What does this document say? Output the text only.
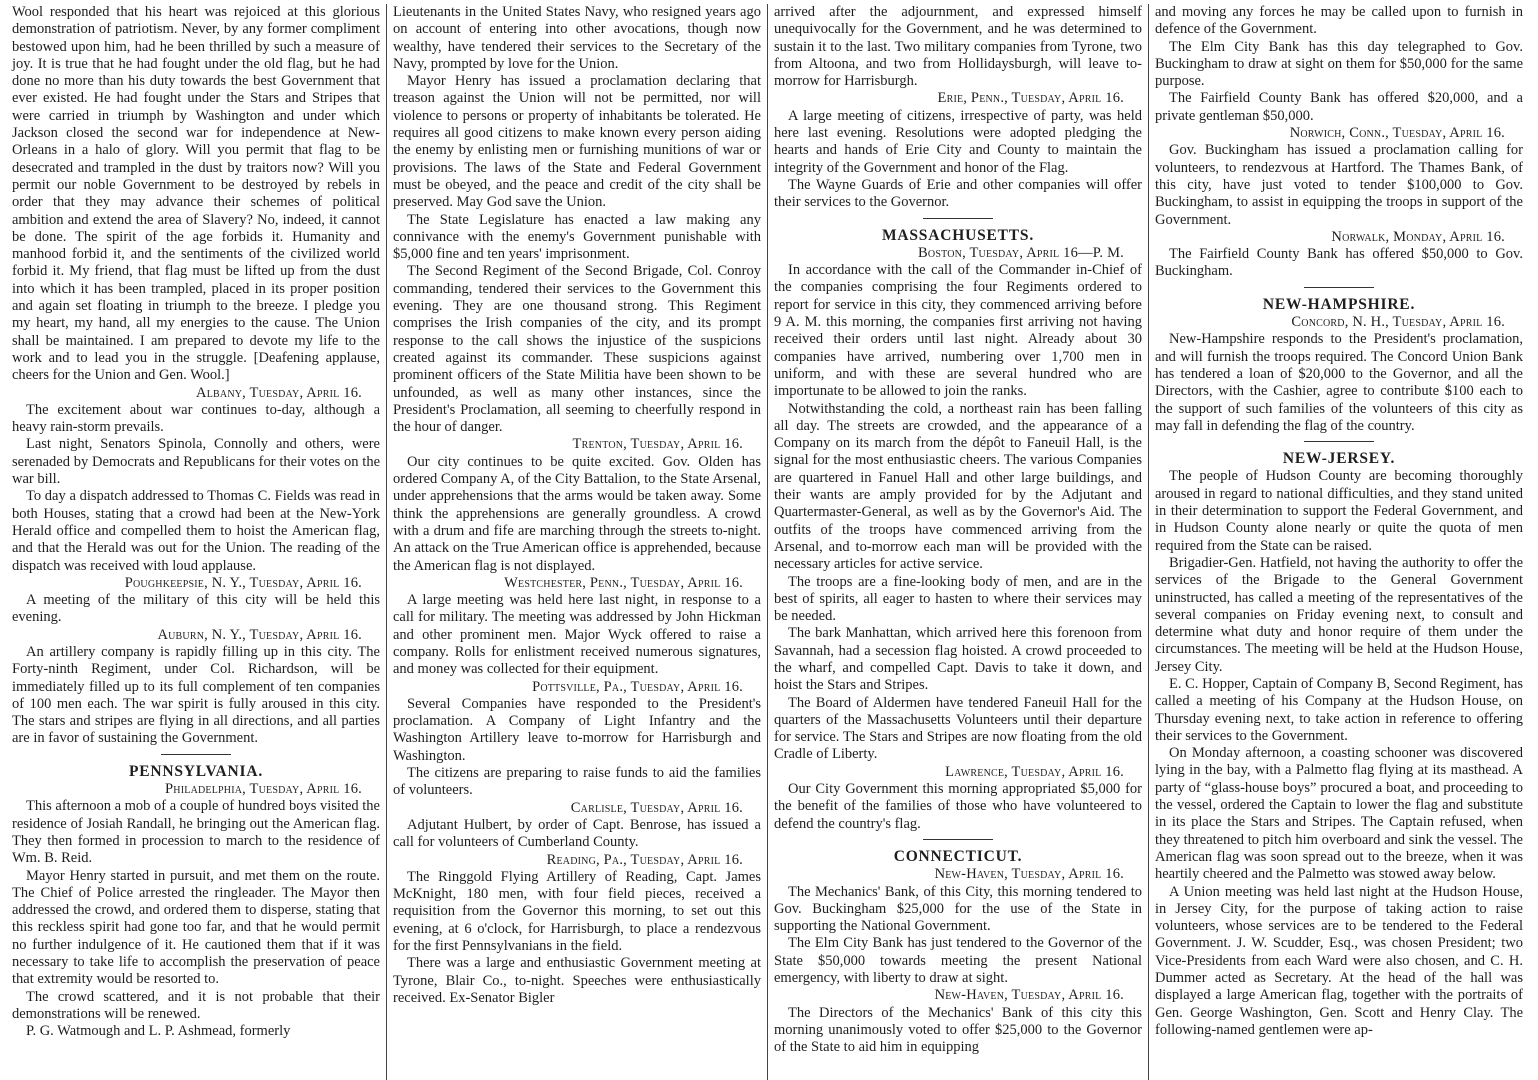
Wool responded that his heart was rejoiced at this glorious demonstration of patriotism. Never, by any former compliment bestowed upon him, had he been thrilled by such a measure of joy. It is true that he had fought under the old flag, but he had done no more than his duty towards the best Government that ever existed. He had fought under the Stars and Stripes that were carried in triumph by Washington and under which Jackson closed the second war for independence at New-Orleans in a halo of glory. Will you permit that flag to be desecrated and trampled in the dust by traitors now? Will you permit our noble Government to be destroyed by rebels in order that they may advance their schemes of political ambition and extend the area of Slavery? No, indeed, it cannot be done. The spirit of the age forbids it. Humanity and manhood forbid it, and the sentiments of the civilized world forbid it. My friend, that flag must be lifted up from the dust into which it has been trampled, placed in its proper position and again set floating in triumph to the breeze. I pledge you my heart, my hand, all my energies to the cause. The Union shall be maintained. I am prepared to devote my life to the work and to lead you in the struggle. [Deafening applause, cheers for the Union and Gen. Wool.]

Albany, Tuesday, April 16.

The excitement about war continues to-day, although a heavy rain-storm prevails.

Last night, Senators Spinola, Connolly and others, were serenaded by Democrats and Republicans for their votes on the war bill.

To day a dispatch addressed to Thomas C. Fields was read in both Houses, stating that a crowd had been at the New-York Herald office and compelled them to hoist the American flag, and that the Herald was out for the Union. The reading of the dispatch was received with loud applause.

Poughkeepsie, N. Y., Tuesday, April 16.

A meeting of the military of this city will be held this evening.

Auburn, N. Y., Tuesday, April 16.

An artillery company is rapidly filling up in this city. The Forty-ninth Regiment, under Col. Richardson, will be immediately filled up to its full complement of ten companies of 100 men each. The war spirit is fully aroused in this city. The stars and stripes are flying in all directions, and all parties are in favor of sustaining the Government.

PENNSYLVANIA.

Philadelphia, Tuesday, April 16.

This afternoon a mob of a couple of hundred boys visited the residence of Josiah Randall, he bringing out the American flag. They then formed in procession to march to the residence of Wm. B. Reid.

Mayor Henry started in pursuit, and met them on the route. The Chief of Police arrested the ringleader. The Mayor then addressed the crowd, and ordered them to disperse, stating that this reckless spirit had gone too far, and that he would permit no further indulgence of it. He cautioned them that if it was necessary to take life to accomplish the preservation of peace that extremity would be resorted to.

The crowd scattered, and it is not probable that their demonstrations will be renewed.

P. G. Watmough and L. P. Ashmead, formerly

Lieutenants in the United States Navy, who resigned years ago on account of entering into other avocations, though now wealthy, have tendered their services to the Secretary of the Navy, prompted by love for the Union.

Mayor Henry has issued a proclamation declaring that treason against the Union will not be permitted, nor will violence to persons or property of inhabitants be tolerated. He requires all good citizens to make known every person aiding the enemy by enlisting men or furnishing munitions of war or provisions. The laws of the State and Federal Government must be obeyed, and the peace and credit of the city shall be preserved. May God save the Union.

The State Legislature has enacted a law making any connivance with the enemy's Government punishable with $5,000 fine and ten years' imprisonment.

The Second Regiment of the Second Brigade, Col. Conroy commanding, tendered their services to the Government this evening. They are one thousand strong. This Regiment comprises the Irish companies of the city, and its prompt response to the call shows the injustice of the suspicions created against its commander. These suspicions against prominent officers of the State Militia have been shown to be unfounded, as well as many other instances, since the President's Proclamation, all seeming to cheerfully respond in the hour of danger.

Trenton, Tuesday, April 16.

Our city continues to be quite excited. Gov. Olden has ordered Company A, of the City Battalion, to the State Arsenal, under apprehensions that the arms would be taken away. Some think the apprehensions are generally groundless. A crowd with a drum and fife are marching through the streets to-night. An attack on the True American office is apprehended, because the American flag is not displayed.

Westchester, Penn., Tuesday, April 16.

A large meeting was held here last night, in response to a call for military. The meeting was addressed by John Hickman and other prominent men. Major Wyck offered to raise a company. Rolls for enlistment received numerous signatures, and money was collected for their equipment.

Pottsville, Pa., Tuesday, April 16.

Several Companies have responded to the President's proclamation. A Company of Light Infantry and the Washington Artillery leave to-morrow for Harrisburgh and Washington.

The citizens are preparing to raise funds to aid the families of volunteers.

Carlisle, Tuesday, April 16.

Adjutant Hulbert, by order of Capt. Benrose, has issued a call for volunteers of Cumberland County.

Reading, Pa., Tuesday, April 16.

The Ringgold Flying Artillery of Reading, Capt. James McKnight, 180 men, with four field pieces, received a requisition from the Governor this morning, to set out this evening, at 6 o'clock, for Harrisburgh, to place a rendezvous for the first Pennsylvanians in the field.

There was a large and enthusiastic Government meeting at Tyrone, Blair Co., to-night. Speeches were enthusiastically received. Ex-Senator Bigler

arrived after the adjournment, and expressed himself unequivocally for the Government, and he was determined to sustain it to the last. Two military companies from Tyrone, two from Altoona, and two from Hollidaysburgh, will leave to-morrow for Harrisburgh.

Erie, Penn., Tuesday, April 16.

A large meeting of citizens, irrespective of party, was held here last evening. Resolutions were adopted pledging the hearts and hands of Erie City and County to maintain the integrity of the Government and honor of the Flag.

The Wayne Guards of Erie and other companies will offer their services to the Governor.

MASSACHUSETTS.

Boston, Tuesday, April 16—P. M.

In accordance with the call of the Commander in-Chief of the companies comprising the four Regiments ordered to report for service in this city, they commenced arriving before 9 A. M. this morning, the companies first arriving not having received their orders until last night. Already about 30 companies have arrived, numbering over 1,700 men in uniform, and with these are several hundred who are importunate to be allowed to join the ranks.

Notwithstanding the cold, a northeast rain has been falling all day. The streets are crowded, and the appearance of a Company on its march from the dépôt to Faneuil Hall, is the signal for the most enthusiastic cheers. The various Companies are quartered in Fanuel Hall and other large buildings, and their wants are amply provided for by the Adjutant and Quartermaster-General, as well as by the Governor's Aid. The outfits of the troops have commenced arriving from the Arsenal, and to-morrow each man will be provided with the necessary articles for active service.

The troops are a fine-looking body of men, and are in the best of spirits, all eager to hasten to where their services may be needed.

The bark Manhattan, which arrived here this forenoon from Savannah, had a secession flag hoisted. A crowd proceeded to the wharf, and compelled Capt. Davis to take it down, and hoist the Stars and Stripes.

The Board of Aldermen have tendered Faneuil Hall for the quarters of the Massachusetts Volunteers until their departure for service. The Stars and Stripes are now floating from the old Cradle of Liberty.

Lawrence, Tuesday, April 16.

Our City Government this morning appropriated $5,000 for the benefit of the families of those who have volunteered to defend the country's flag.

CONNECTICUT.

New-Haven, Tuesday, April 16.

The Mechanics' Bank, of this City, this morning tendered to Gov. Buckingham $25,000 for the use of the State in supporting the National Government.

The Elm City Bank has just tendered to the Governor of the State $50,000 towards meeting the present National emergency, with liberty to draw at sight.

New-Haven, Tuesday, April 16.

The Directors of the Mechanics' Bank of this city this morning unanimously voted to offer $25,000 to the Governor of the State to aid him in equipping

and moving any forces he may be called upon to furnish in defence of the Government.

The Elm City Bank has this day telegraphed to Gov. Buckingham to draw at sight on them for $50,000 for the same purpose.

The Fairfield County Bank has offered $20,000, and a private gentleman $50,000.

Norwich, Conn., Tuesday, April 16.

Gov. Buckingham has issued a proclamation calling for volunteers, to rendezvous at Hartford. The Thames Bank, of this city, have just voted to tender $100,000 to Gov. Buckingham, to assist in equipping the troops in support of the Government.

Norwalk, Monday, April 16.

The Fairfield County Bank has offered $50,000 to Gov. Buckingham.

NEW-HAMPSHIRE.

Concord, N. H., Tuesday, April 16.

New-Hampshire responds to the President's proclamation, and will furnish the troops required. The Concord Union Bank has tendered a loan of $20,000 to the Governor, and all the Directors, with the Cashier, agree to contribute $100 each to the support of such families of the volunteers of this city as may fall in defending the flag of the country.

NEW-JERSEY.

The people of Hudson County are becoming thoroughly aroused in regard to national difficulties, and they stand united in their determination to support the Federal Government, and in Hudson County alone nearly or quite the quota of men required from the State can be raised.

Brigadier-Gen. Hatfield, not having the authority to offer the services of the Brigade to the General Government uninstructed, has called a meeting of the representatives of the several companies on Friday evening next, to consult and determine what duty and honor require of them under the circumstances. The meeting will be held at the Hudson House, Jersey City.

E. C. Hopper, Captain of Company B, Second Regiment, has called a meeting of his Company at the Hudson House, on Thursday evening next, to take action in reference to offering their services to the Government.

On Monday afternoon, a coasting schooner was discovered lying in the bay, with a Palmetto flag flying at its masthead. A party of “glass-house boys” procured a boat, and proceeding to the vessel, ordered the Captain to lower the flag and substitute in its place the Stars and Stripes. The Captain refused, when they threatened to pitch him overboard and sink the vessel. The American flag was soon spread out to the breeze, when it was heartily cheered and the Palmetto was stowed away below.

A Union meeting was held last night at the Hudson House, in Jersey City, for the purpose of taking action to raise volunteers, whose services are to be tendered to the Federal Government. J. W. Scudder, Esq., was chosen President; two Vice-Presidents from each Ward were also chosen, and C. H. Dummer acted as Secretary. At the head of the hall was displayed a large American flag, together with the portraits of Gen. George Washington, Gen. Scott and Henry Clay. The following-named gentlemen were ap-
